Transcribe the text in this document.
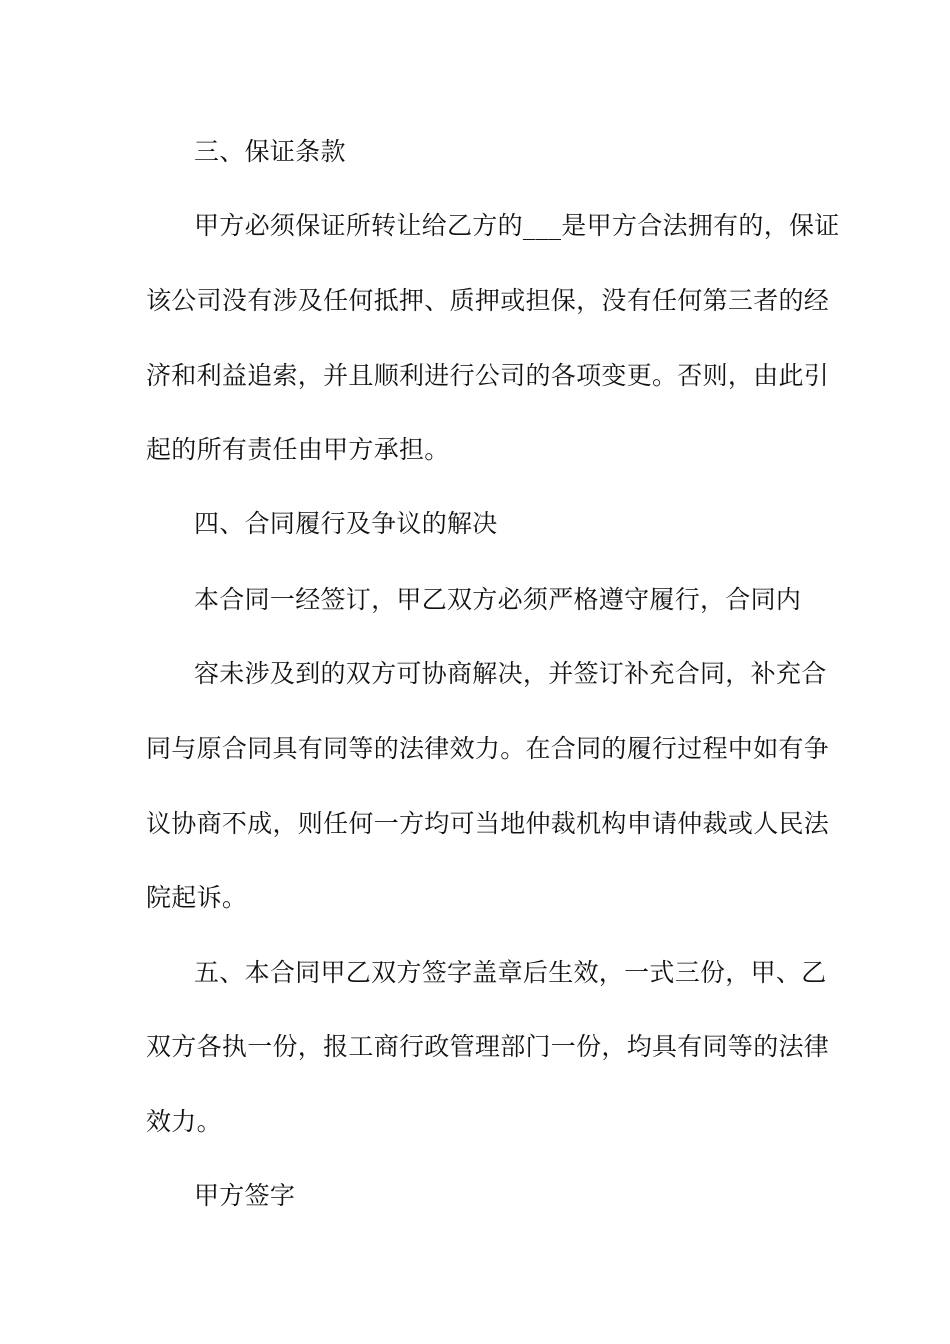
三、保证条款

甲方必须保证所转让给乙方的___是甲方合法拥有的，保证

该公司没有涉及任何抵押、质押或担保，没有任何第三者的经

济和利益追索，并且顺利进行公司的各项变更。否则，由此引

起的所有责任由甲方承担。

四、合同履行及争议的解决

本合同一经签订，甲乙双方必须严格遵守履行，合同内

容未涉及到的双方可协商解决，并签订补充合同，补充合

同与原合同具有同等的法律效力。在合同的履行过程中如有争

议协商不成，则任何一方均可当地仲裁机构申请仲裁或人民法

院起诉。

五、本合同甲乙双方签字盖章后生效，一式三份，甲、乙

双方各执一份，报工商行政管理部门一份，均具有同等的法律

效力。

甲方签字
